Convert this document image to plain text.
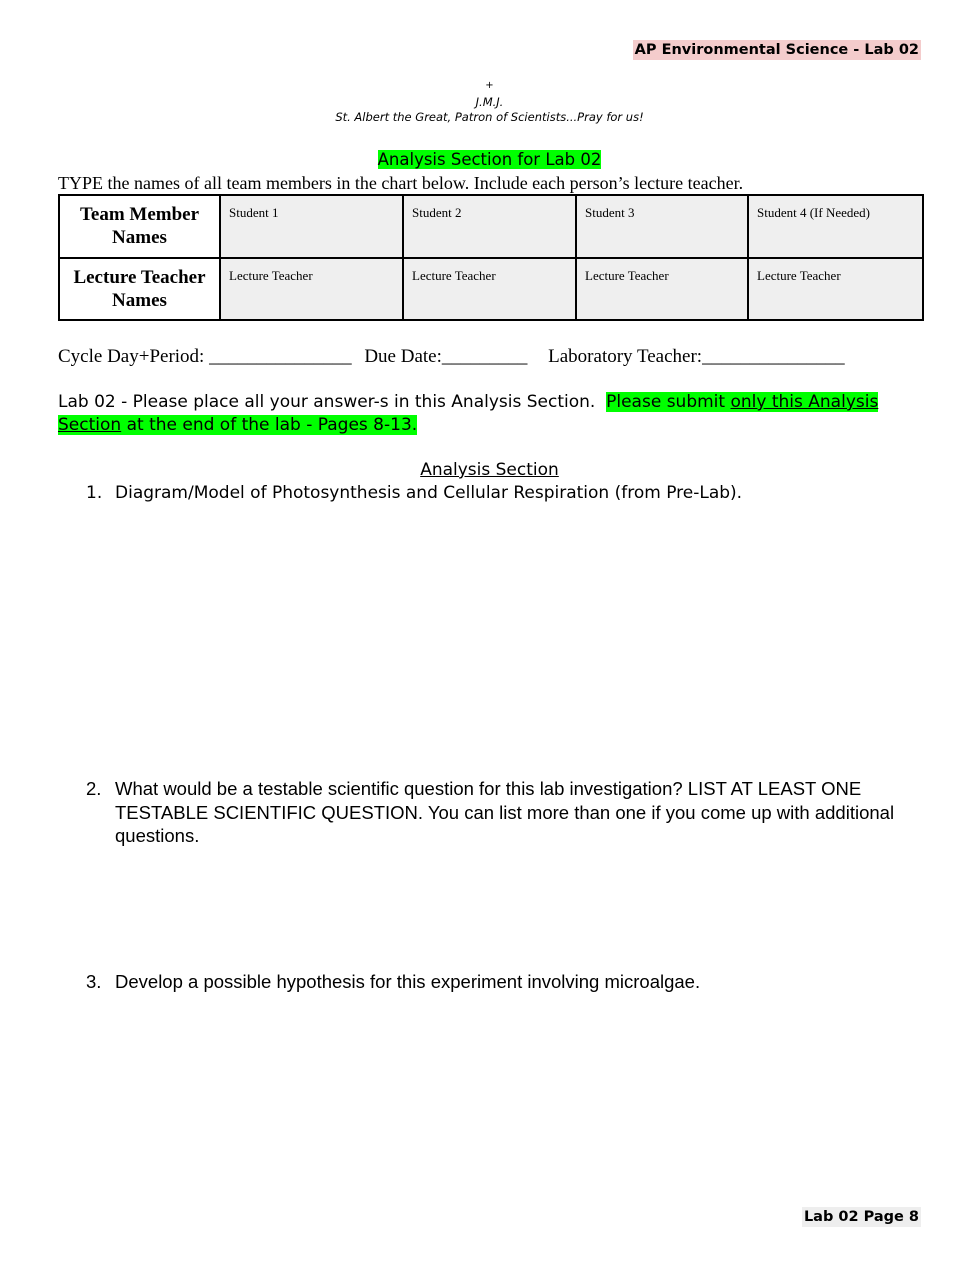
AP Environmental Science - Lab 02
+
J.M.J.
St. Albert the Great, Patron of Scientists...Pray for us!
Analysis Section for Lab 02
TYPE the names of all team members in the chart below. Include each person’s lecture teacher.
Team Member Names	Student 1	Student 2	Student 3	Student 4 (If Needed)
Lecture Teacher Names	Lecture Teacher	Lecture Teacher	Lecture Teacher	Lecture Teacher
Cycle Day+Period: _______________ Due Date:_________ Laboratory Teacher:_______________
Lab 02 - Please place all your answer-s in this Analysis Section. Please submit only this Analysis Section at the end of the lab - Pages 8-13.
Analysis Section
1. Diagram/Model of Photosynthesis and Cellular Respiration (from Pre-Lab).
2. What would be a testable scientific question for this lab investigation? LIST AT LEAST ONE TESTABLE SCIENTIFIC QUESTION. You can list more than one if you come up with additional questions.
3. Develop a possible hypothesis for this experiment involving microalgae.
Lab 02 Page 8
